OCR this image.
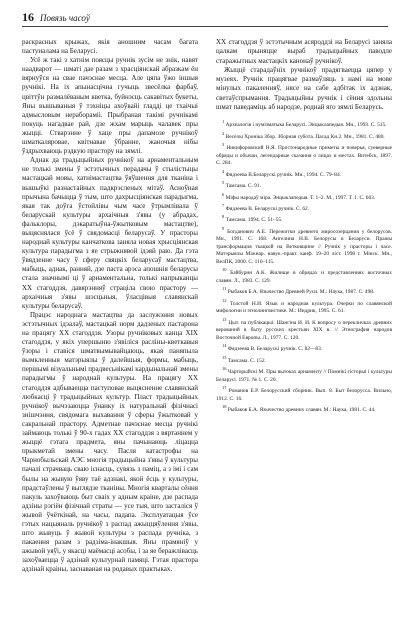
16 Повязь часоў

раскрасных крыжах, якія аношним часам багата пастуиалама на Беларусі.

Усё ж такі з хатнім поясцы ручнік зусім не знік, навят наадварот — шматі дае разам з храсціянскай абразкам ён вярнуўся на свае пачэснае месца. Але цяпа ўжо іншыя ручнікі. На іх апынасцічна гучыць звесёлка фарбаў, цвіттўн размалёваным кветка, буйнэсць сакавітых букеты, Яны вышываныя ў тэхніцы ахоўвайі гладді це тхаічыі адмысловым нерабораміі. Прыбраная такімі ручнікамі покуць нагадвае рай, дзе жхам марыць чалавек пры жыцці. Стварэнне ў хаце пры дапамозе ручнікоў шматкаляровае, квітнавае ўбранне, жаночыя нібы ўздрыхваюць рэдкую прастору на зямлі.

Аднак да традыцыйных ручнікоў на арнаментальным не толькі змены ў эстэтычных перадачы ў стылістыцы мастацкай мовы, хатнімастацтва ўяўшення для тканіна і вышыўкі разнастайных падкрэсленых мітаў. Асноўная прычына бачыцца ў тым, што дахрысціянская парадыгма, якая так доўга ўстойлівы чым часе ўтрымлівала ў беларускай культуры архаічныя з'явы (у абрадах, фальклоры, дэкаратыўна-ўжытковым мастацтве), выцяснялася ўсё ў свядомасці беларусаў. У прасторы народнай культуры канчаткова заняла новая хрысціянская культура парадыгма з яе стрыжнявой ідэяй раю. Да гэта ўвядзенне часу ў сферу свяцкіх беларусаў мастацтва, мабыць, аднак, ранняй, дзе паста арэса апошнія беларусы стала значнымі ці ў арнаментальна, толькі напрыканцы ХХ стагоддзя, давярэнняў страціла свою прастору — архаічныя з'явы шэсцьныя, ўласцівыя славянскай культуры беларусаў.

Працэс народнага мастацтва да заслужэння новых эстэтычных ідэалаў, мастацкай норм дадзеных пастарона на працягу ХХ стагоддзя. Узоры ручніковых канца ХІХ стагоддзя, у якіх упершыню з'явіліся расліны-кветкавыя ўзоры і ставіся шматвымывайцаюць, якая паняпыла вымкленныя матэрыялы ў далейшыя, формы, мабыць, першымі візуальнымі прадвесьнікамі кардынальнай змены парадыгмы ў народнай культуры. На працягу ХХ стагоддзя адбываецца паступовае выцясненне славянскай любкасці ў традыцыйных культур. Пласт традыцыйных ручнікоў вычэзаюцца ўнанку іх натуральнай фізічнасі знішчэння, свядомага выхавання ў сферы ўжытковай у сакральнай прастору. Адметнае пачэснае месца ручнікі займаюць толькі ў 90-х гадах ХХ стагоддзя з вяртаннем у жыццё гэтага прадмета, яны пачынаюць ліцацца прыкметай змены часу. Пасля катастрофы на Чарнобыльскай АЭС многія традыцыйна з'явы ў культуры пачалі страчваць сваю існасць, сувязь з паміц, а з імі і сам былы на жывую ўяву таё адзнакі, якой ёсць у культуры, прадстаўлены ў выглядзе тканіны. Многія кварталы сёння пакуль захоўваюць быт сваіх у адным краіне, дзе распада адзіны рэгіён фізічнай страты — усе тыя, што засталіся ў жывой ўчёткінай, на часы, падапа. Эксплуатацыя ўсе гэтых нацыяналь ручнікоў з распад ажыццяўлення з'явы, што жывуць ў жывой культуры з распада ручніка, з пакаення разам з радзіма-інакшыя. Яны прамяніў у ажывой уяўі, у якасці маёмасці асобы, і за яе беражлівасць захоўваецца ў адзінай культурнай памяці. Гэтая прастора адзінай краіны, заснаваная на родавых практыках.

ХХ стагоддзя ў эстэтычным асяроддзі на Беларусі заняла цалкам прыняцце выраб традыцыйных паводле старажытных мастацкіх канонаў ручнікоў.

Жыццё старадаўніх ручнікоў прадягваецца цяпер у музеях. Ручнік працягвае размаўляць з намі на мове мінулых пакаленняў, нясе на сабе адбітак іх адзнак, светаўспрымання. Традыцыйны ручнік і сёння здольны шмат паведаміць аб народзе, роднай яго зямлі Беларусь.

$^1$ Археалогія і нумізматыка Беларусі. Энцыклапедыя. Мн., 1993. С. 515.

$^2$ Весёлы Хроніка Збор. Зборная субота. Пасад Кн.2. Мн., 1981. С. 480.

$^3$ Никифоровский Н.Я. Простонародные приметы и поверья, суеверные обряды и обычаи, легендарные сказания о лицах и местах. Витебск, 1897. С. 284.

$^4$ Фядзеева В.Беларускі ручнік. Мн., 1994. С. 79–84.

$^5$ Тамсама. С. 91.

$^6$ Міфы народаў міра. Энцыклапедыя. Т. 1–2. М., 1997. Т. 1. С. 663.

$^7$ Фядзеева В. Беларускі ручнік. С. 62.

$^8$ Тамсама. 1994. С. 51–55.

$^9$ Богданович А.Е. Пережитки древнего миросозерцания у белорусов. Мн., 1991. С. 168. Ангелина Н.В. Белорусы в Беларуси. Пражы трансформация ткацкой на Ветковщине // Ручнік у прасторы і часе. Матэрыялы Міжнар. навук.-практ. канф. 19–20 ліст. 1998 г. Мінск. Мн., ВелПК, 2000. С. 110–115.

$^{10}$ Байбурин А.К. Жилище в обрядах и представлениях восточных славян. Л., 1983. С. 129.

$^{11}$ Рыбаков Б.А. Язычество Древней Руси. М.: Наука, 1987. С. 498.

$^{12}$ Толстой Н.И. Язык и народная культура. Очерки по славянской мифологии и этнолингвистике. М.: Индрик, 1995. С. 61.

$^{13}$ Цыт. па публікацыі: Шангіна И. И. К вопросу о перекличках древних верований в быту русских крестьян ХІХ в. // Этнография народов Восточной Европы. Л., 1977. С. 120.

$^{14}$ Фядзеева В. Беларускі ручнік. С. 82—83.

$^{15}$ Тамсама. С. 152.

$^{16}$ Чарторыйскі М. Пры вытоках арнаменту // Помнікі гісторыі і культуры Беларусі. 1971. № 1. С. 20.

$^{17}$ Романов Е.Р. Белорусский сборник. Вып. 8. Быт белорусса. Вильно, 1912. С. 16.

$^{18}$ Рыбаков Б.А. Язычество древних славян. М.: Наука, 1981. С. 44.
